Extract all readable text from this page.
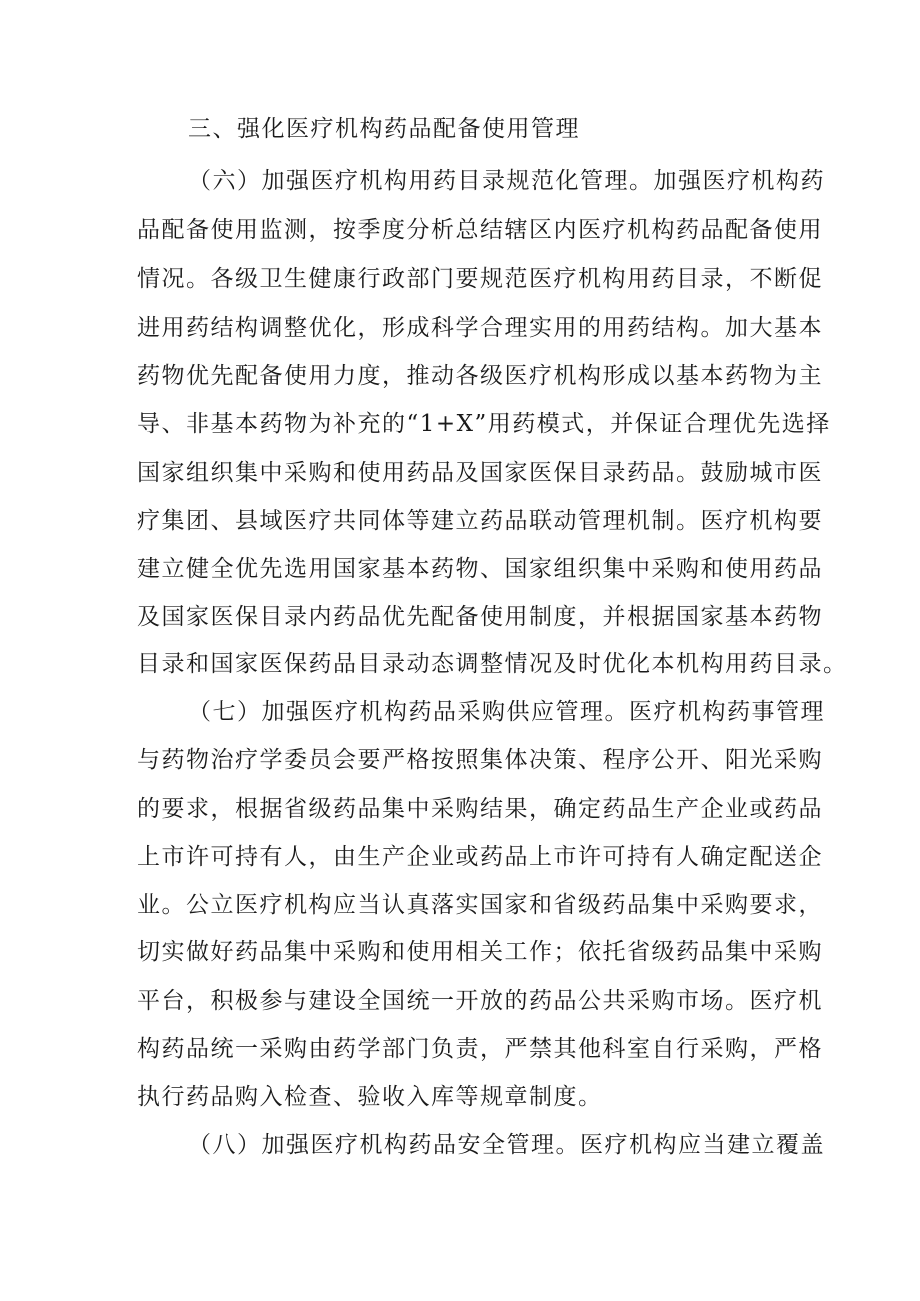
三、强化医疗机构药品配备使用管理
（六）加强医疗机构用药目录规范化管理。加强医疗机构药
品配备使用监测，按季度分析总结辖区内医疗机构药品配备使用
情况。各级卫生健康行政部门要规范医疗机构用药目录，不断促
进用药结构调整优化，形成科学合理实用的用药结构。加大基本
药物优先配备使用力度，推动各级医疗机构形成以基本药物为主
导、非基本药物为补充的“1+X”用药模式，并保证合理优先选择
国家组织集中采购和使用药品及国家医保目录药品。鼓励城市医
疗集团、县域医疗共同体等建立药品联动管理机制。医疗机构要
建立健全优先选用国家基本药物、国家组织集中采购和使用药品
及国家医保目录内药品优先配备使用制度，并根据国家基本药物
目录和国家医保药品目录动态调整情况及时优化本机构用药目录。
（七）加强医疗机构药品采购供应管理。医疗机构药事管理
与药物治疗学委员会要严格按照集体决策、程序公开、阳光采购
的要求，根据省级药品集中采购结果，确定药品生产企业或药品
上市许可持有人，由生产企业或药品上市许可持有人确定配送企
业。公立医疗机构应当认真落实国家和省级药品集中采购要求，
切实做好药品集中采购和使用相关工作；依托省级药品集中采购
平台，积极参与建设全国统一开放的药品公共采购市场。医疗机
构药品统一采购由药学部门负责，严禁其他科室自行采购，严格
执行药品购入检查、验收入库等规章制度。
（八）加强医疗机构药品安全管理。医疗机构应当建立覆盖
